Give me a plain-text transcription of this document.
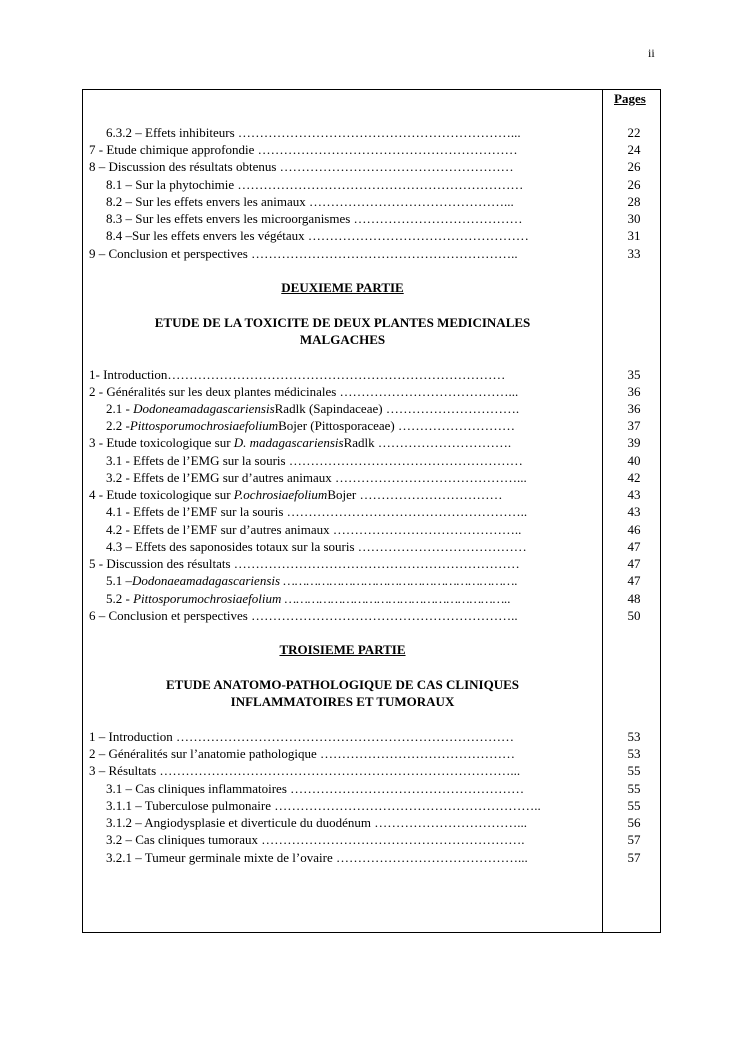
ii
Pages
6.3.2 – Effets inhibiteurs ………………………………………………………...	22
7 - Etude chimique approfondie ……………………………………………………	24
8 – Discussion des résultats obtenus ………………………………………………	26
8.1 – Sur la phytochimie …………………………………………………………	26
8.2 – Sur les effets envers les animaux ………………………………………...	28
8.3 – Sur les effets envers les microorganismes …………………………………	30
8.4 –Sur les effets envers les végétaux ……………………………………………	31
9 – Conclusion et perspectives ……………………………………………………..	33
DEUXIEME PARTIE
ETUDE DE LA TOXICITE DE DEUX PLANTES MEDICINALES
MALGACHES
1- Introduction……………………………………………………………………	35
2 - Généralités sur les deux plantes médicinales …………………………………...	36
2.1 - DodoneamadagascariensisRadlk (Sapindaceae) ………………………….	36
2.2 -PittosporumochrosiaefoliumBojer (Pittosporaceae) ………………………	37
3 - Etude toxicologique sur D. madagascariensisRadlk ………………………….	39
3.1 - Effets de l’EMG sur la souris ………………………………………………	40
3.2 - Effets de l’EMG sur d’autres animaux ……………………………………...	42
4 - Etude toxicologique sur P.ochrosiaefoliumBojer ……………………………	43
4.1 - Effets de l’EMF sur la souris ………………………………………………..	43
4.2 - Effets de l’EMF sur d’autres animaux ……………………………………..	46
4.3 – Effets des saponosides totaux sur la souris …………………………………	47
5 - Discussion des résultats …………………………………………………………	47
5.1 –Dodonaeamadagascariensis …………………………………………………….	47
5.2 - Pittosporumochrosiaefolium …………………………………………………..	48
6 – Conclusion et perspectives ……………………………………………………..	50
TROISIEME PARTIE
ETUDE ANATOMO-PATHOLOGIQUE DE CAS CLINIQUES
INFLAMMATOIRES ET TUMORAUX
1 – Introduction ……………………………………………………………………	53
2 – Généralités sur l’anatomie pathologique ………………………………………	53
3 – Résultats ………………………………………………………………………...	55
3.1 – Cas cliniques inflammatoires ………………………………………………	55
3.1.1 – Tuberculose pulmonaire ……………………………………………………..	55
3.1.2 – Angiodysplasie et diverticule du duodénum ……………………………...	56
3.2 – Cas cliniques tumoraux …………………………………………………….	57
3.2.1 – Tumeur germinale mixte de l’ovaire ……………………………………...	57
